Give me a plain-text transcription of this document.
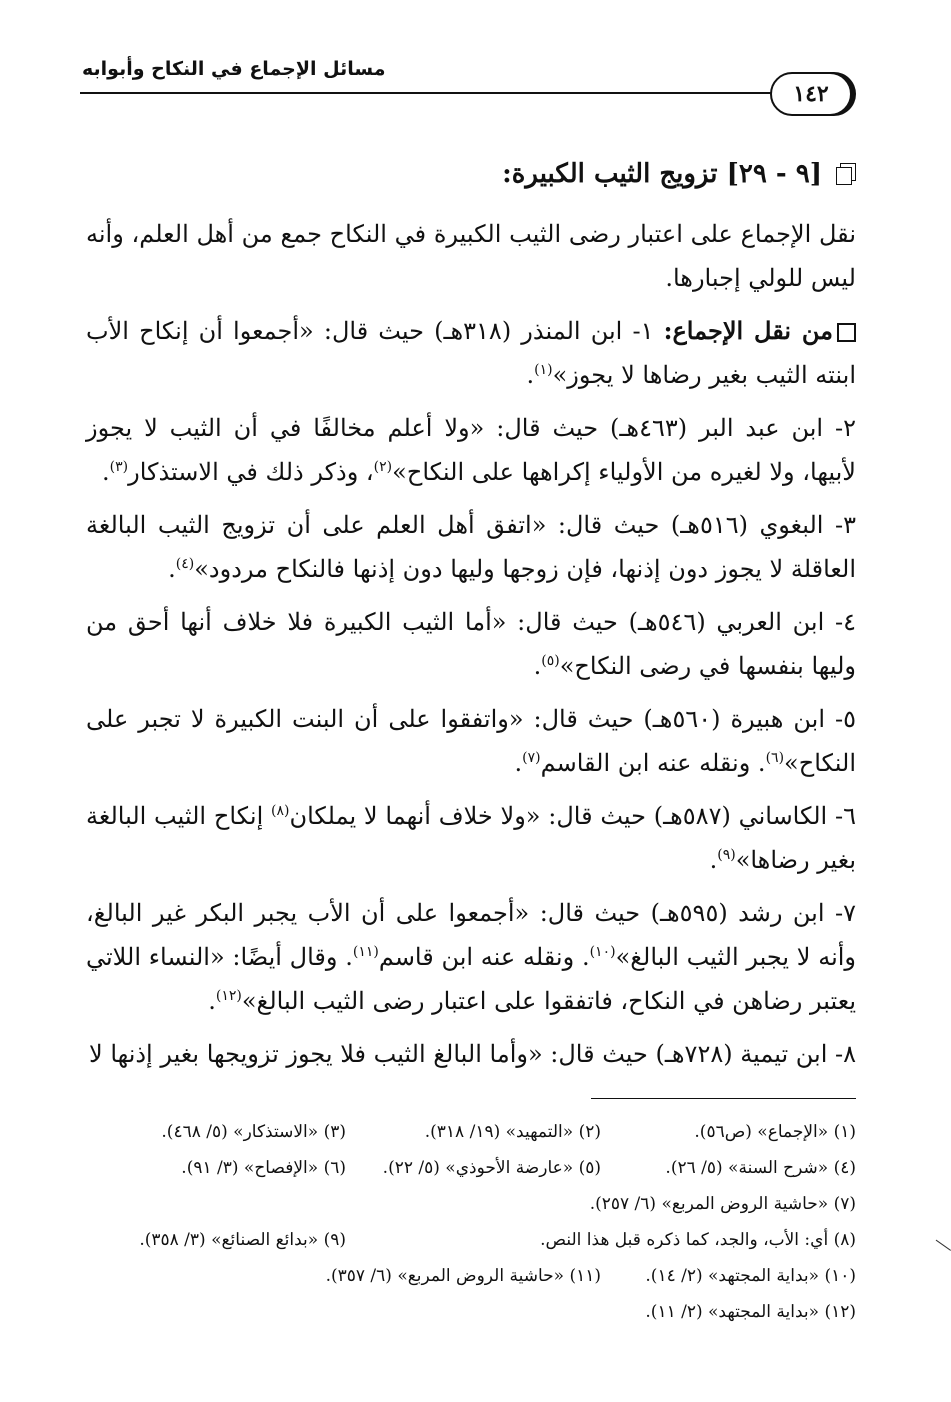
مسائل الإجماع في النكاح وأبوابه
١٤٢
[٩ - ٢٩] تزويج الثيب الكبيرة:

نقل الإجماع على اعتبار رضى الثيب الكبيرة في النكاح جمع من أهل العلم، وأنه ليس للولي إجبارها.

من نقل الإجماع: ١- ابن المنذر (٣١٨هـ) حيث قال: «أجمعوا أن إنكاح الأب ابنته الثيب بغير رضاها لا يجوز»$^{(١)}$.

٢- ابن عبد البر (٤٦٣هـ) حيث قال: «ولا أعلم مخالفًا في أن الثيب لا يجوز لأبيها، ولا لغيره من الأولياء إكراهها على النكاح»$^{(٢)}$، وذكر ذلك في الاستذكار$^{(٣)}$.

٣- البغوي (٥١٦هـ) حيث قال: «اتفق أهل العلم على أن تزويج الثيب البالغة العاقلة لا يجوز دون إذنها، فإن زوجها وليها دون إذنها فالنكاح مردود»$^{(٤)}$.

٤- ابن العربي (٥٤٦هـ) حيث قال: «أما الثيب الكبيرة فلا خلاف أنها أحق من وليها بنفسها في رضى النكاح»$^{(٥)}$.

٥- ابن هبيرة (٥٦٠هـ) حيث قال: «واتفقوا على أن البنت الكبيرة لا تجبر على النكاح»$^{(٦)}$. ونقله عنه ابن القاسم$^{(٧)}$.

٦- الكاساني (٥٨٧هـ) حيث قال: «ولا خلاف أنهما لا يملكان$^{(٨)}$ إنكاح الثيب البالغة بغير رضاها»$^{(٩)}$.

٧- ابن رشد (٥٩٥هـ) حيث قال: «أجمعوا على أن الأب يجبر البكر غير البالغ، وأنه لا يجبر الثيب البالغ»$^{(١٠)}$. ونقله عنه ابن قاسم$^{(١١)}$. وقال أيضًا: «النساء اللاتي يعتبر رضاهن في النكاح، فاتفقوا على اعتبار رضى الثيب البالغ»$^{(١٢)}$.

٨- ابن تيمية (٧٢٨هـ) حيث قال: «وأما البالغ الثيب فلا يجوز تزويجها بغير إذنها لا

(١) «الإجماع» (ص٥٦).
(٢) «التمهيد» (١٩/ ٣١٨).
(٣) «الاستذكار» (٥/ ٤٦٨).
(٤) «شرح السنة» (٥/ ٢٦).
(٥) «عارضة الأحوذي» (٥/ ٢٢).
(٦) «الإفصاح» (٣/ ٩١).
(٧) «حاشية الروض المربع» (٦/ ٢٥٧).
(٨) أي: الأب، والجد، كما ذكره قبل هذا النص.
(٩) «بدائع الصنائع» (٣/ ٣٥٨).
(١٠) «بداية المجتهد» (٢/ ١٤).
(١١) «حاشية الروض المربع» (٦/ ٣٥٧).
(١٢) «بداية المجتهد» (٢/ ١١).
